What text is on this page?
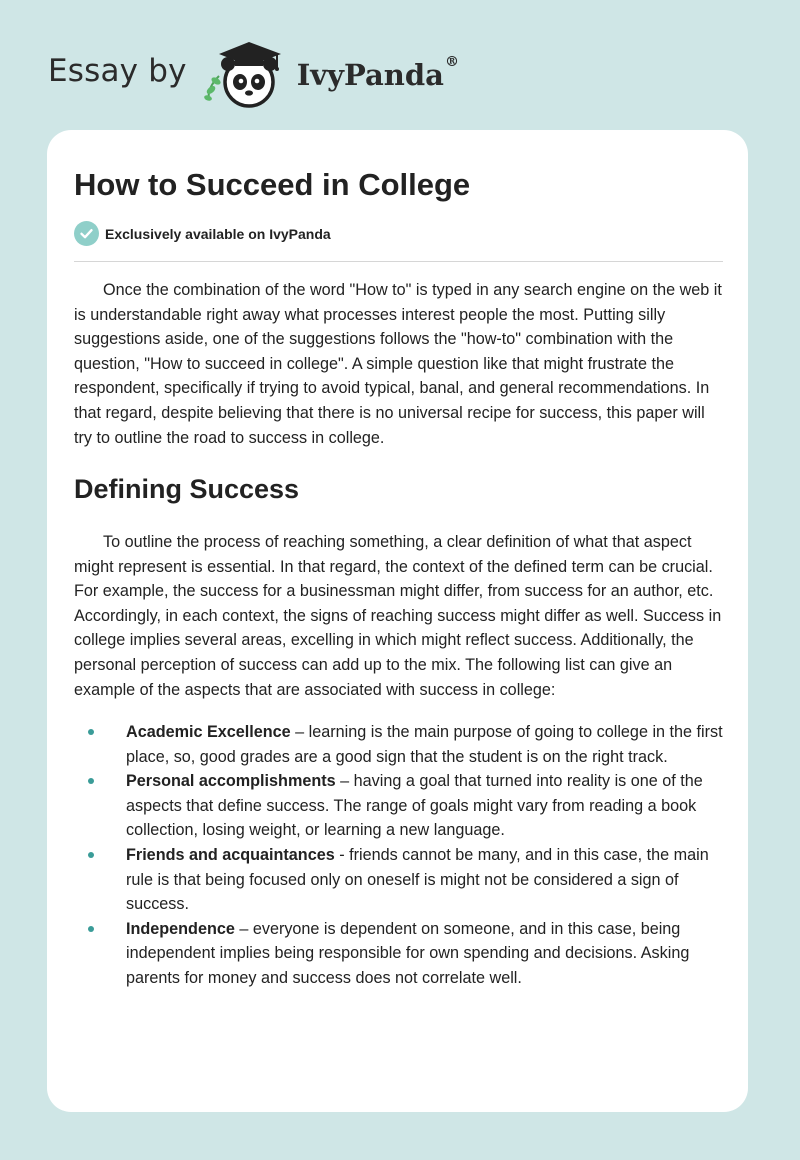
Essay by	IvyPanda®
How to Succeed in College
Exclusively available on IvyPanda

Once the combination of the word "How to" is typed in any search engine on the web it is understandable right away what processes interest people the most. Putting silly suggestions aside, one of the suggestions follows the "how-to" combination with the question, "How to succeed in college". A simple question like that might frustrate the respondent, specifically if trying to avoid typical, banal, and general recommendations. In that regard, despite believing that there is no universal recipe for success, this paper will try to outline the road to success in college.

Defining Success

To outline the process of reaching something, a clear definition of what that aspect might represent is essential. In that regard, the context of the defined term can be crucial. For example, the success for a businessman might differ, from success for an author, etc. Accordingly, in each context, the signs of reaching success might differ as well. Success in college implies several areas, excelling in which might reflect success. Additionally, the personal perception of success can add up to the mix. The following list can give an example of the aspects that are associated with success in college:

Academic Excellence – learning is the main purpose of going to college in the first place, so, good grades are a good sign that the student is on the right track.
Personal accomplishments – having a goal that turned into reality is one of the aspects that define success. The range of goals might vary from reading a book collection, losing weight, or learning a new language.
Friends and acquaintances - friends cannot be many, and in this case, the main rule is that being focused only on oneself is might not be considered a sign of success.
Independence – everyone is dependent on someone, and in this case, being independent implies being responsible for own spending and decisions. Asking parents for money and success does not correlate well.
